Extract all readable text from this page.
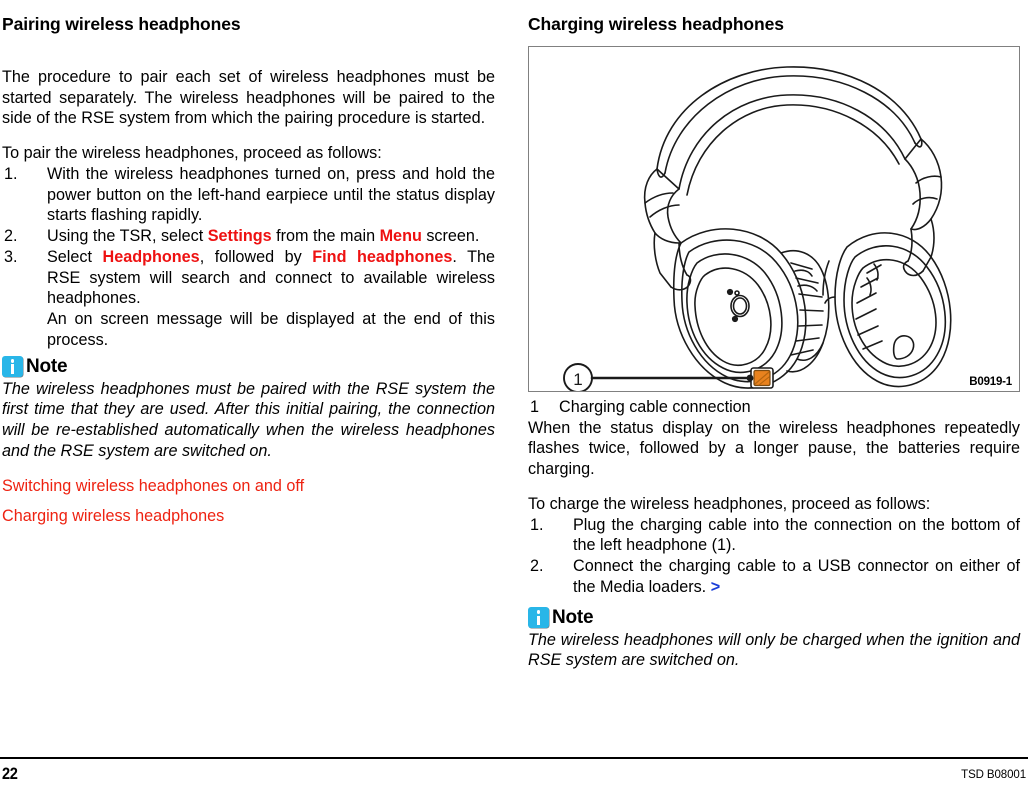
Pairing wireless headphones

The procedure to pair each set of wireless headphones must be started separately. The wireless headphones will be paired to the side of the RSE system from which the pairing procedure is started.

To pair the wireless headphones, proceed as follows:

1.	With the wireless headphones turned on, press and hold the power button on the left-hand earpiece until the status display starts flashing rapidly.
2.	Using the TSR, select Settings from the main Menu screen.
3.	Select Headphones, followed by Find headphones. The RSE system will search and connect to available wireless headphones.
An on screen message will be displayed at the end of this process.
Note

The wireless headphones must be paired with the RSE system the first time that they are used. After this initial pairing, the connection will be re-established automatically when the wireless headphones and the RSE system are switched on.

Switching wireless headphones on and off
Charging wireless headphones
Charging wireless headphones
1	B0919-1

1 Charging cable connection

When the status display on the wireless headphones repeatedly flashes twice, followed by a longer pause, the batteries require charging.

To charge the wireless headphones, proceed as follows:

1.	Plug the charging cable into the connection on the bottom of the left headphone (1).
2.	Connect the charging cable to a USB connector on either of the Media loaders. >
Note

The wireless headphones will only be charged when the ignition and RSE system are switched on.

22	TSD B08001
